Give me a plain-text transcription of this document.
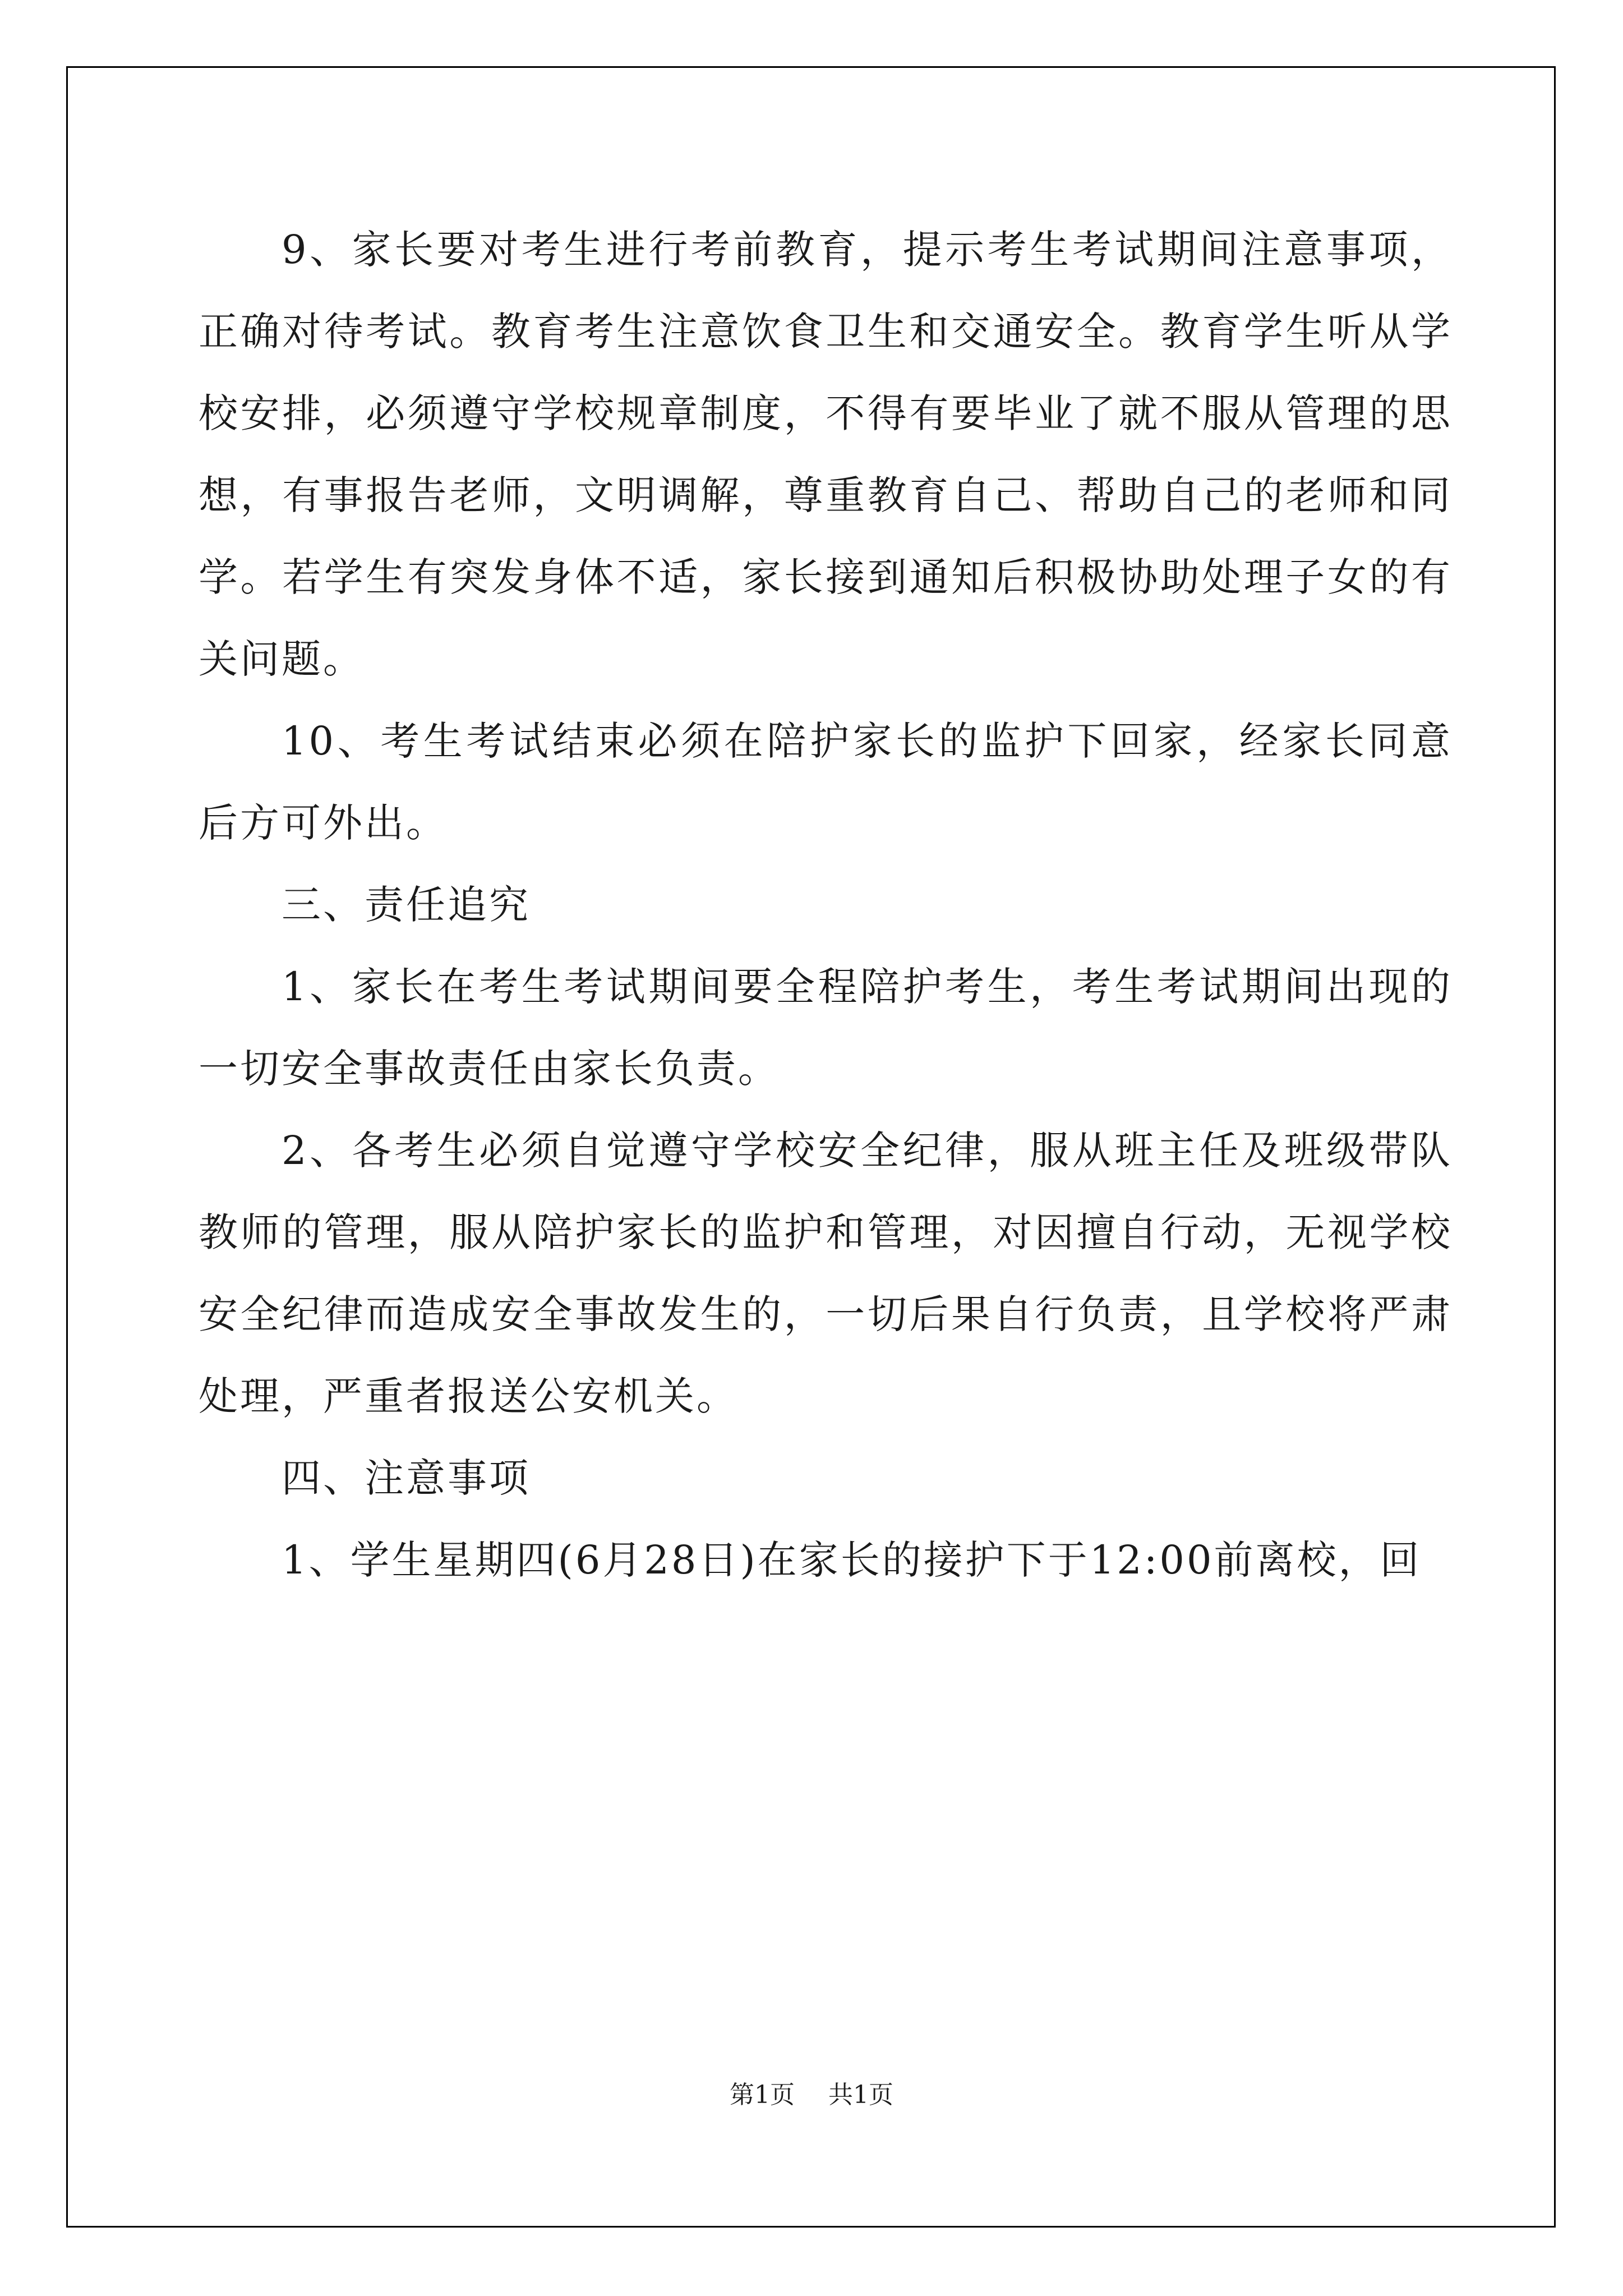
9、家长要对考生进行考前教育，提示考生考试期间注意事项，正确对待考试。教育考生注意饮食卫生和交通安全。教育学生听从学校安排，必须遵守学校规章制度，不得有要毕业了就不服从管理的思想，有事报告老师，文明调解，尊重教育自己、帮助自己的老师和同学。若学生有突发身体不适，家长接到通知后积极协助处理子女的有关问题。

10、考生考试结束必须在陪护家长的监护下回家，经家长同意后方可外出。

三、责任追究

1、家长在考生考试期间要全程陪护考生，考生考试期间出现的一切安全事故责任由家长负责。

2、各考生必须自觉遵守学校安全纪律，服从班主任及班级带队教师的管理，服从陪护家长的监护和管理，对因擅自行动，无视学校安全纪律而造成安全事故发生的，一切后果自行负责，且学校将严肃处理，严重者报送公安机关。

四、注意事项

1、学生星期四(6月28日)在家长的接护下于12:00前离校，回

第1页 共1页
